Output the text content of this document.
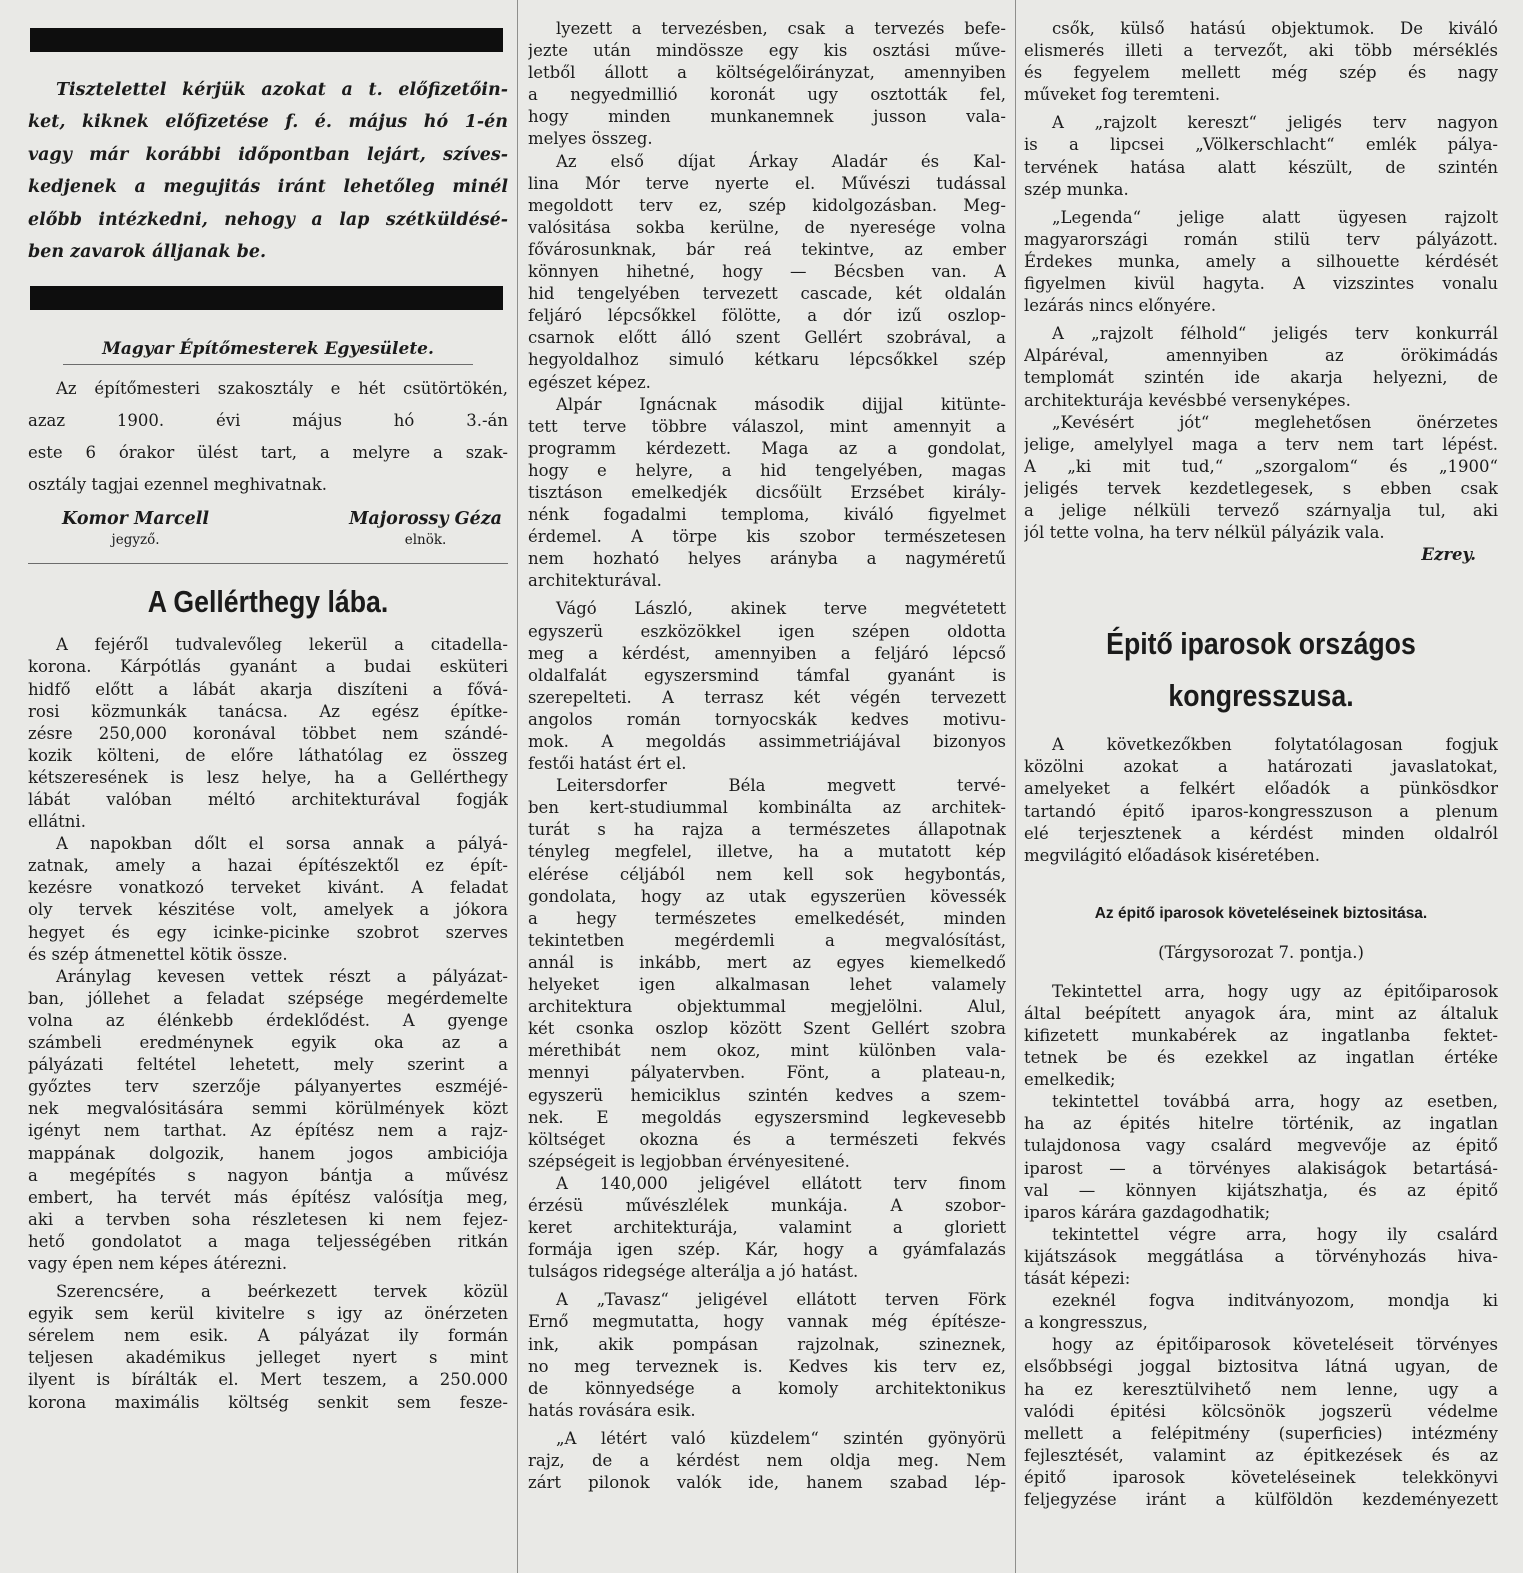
Tisztelettel kérjük azokat a t. előfizetőin-
ket, kiknek előfizetése f. é. május hó 1-én
vagy már korábbi időpontban lejárt, szíves-
kedjenek a megujitás iránt lehetőleg minél
előbb intézkedni, nehogy a lap szétküldésé-
ben zavarok álljanak be.
Magyar Építőmesterek Egyesülete.
Az építőmesteri szakosztály e hét csütörtökén,
azaz 1900. évi május hó 3.-án
este 6 órakor ülést tart, a melyre a szak-
osztály tagjai ezennel meghivatnak.
Komor Marcell
jegyző.
Majorossy Géza
elnök.
A Gellérthegy lába.
A fejéről tudvalevőleg lekerül a citadella-
korona. Kárpótlás gyanánt a budai esküteri
hidfő előtt a lábát akarja diszíteni a fővá-
rosi közmunkák tanácsa. Az egész építke-
zésre 250,000 koronával többet nem szándé-
kozik költeni, de előre láthatólag ez összeg
kétszeresének is lesz helye, ha a Gellérthegy
lábát valóban méltó architekturával fogják
ellátni.
A napokban dőlt el sorsa annak a pályá-
zatnak, amely a hazai építészektől ez épít-
kezésre vonatkozó terveket kivánt. A feladat
oly tervek készitése volt, amelyek a jókora
hegyet és egy icinke-picinke szobrot szerves
és szép átmenettel kötik össze.
Aránylag kevesen vettek részt a pályázat-
ban, jóllehet a feladat szépsége megérdemelte
volna az élénkebb érdeklődést. A gyenge
számbeli eredménynek egyik oka az a
pályázati feltétel lehetett, mely szerint a
győztes terv szerzője pályanyertes eszméjé-
nek megvalósitására semmi körülmények közt
igényt nem tarthat. Az építész nem a rajz-
mappának dolgozik, hanem jogos ambiciója
a megépítés s nagyon bántja a művész
embert, ha tervét más építész valósítja meg,
aki a tervben soha részletesen ki nem fejez-
hető gondolatot a maga teljességében ritkán
vagy épen nem képes átérezni.
Szerencsére, a beérkezett tervek közül
egyik sem kerül kivitelre s igy az önérzeten
sérelem nem esik. A pályázat ily formán
teljesen akadémikus jelleget nyert s mint
ilyent is bírálták el. Mert teszem, a 250.000
korona maximális költség senkit sem fesze-
lyezett a tervezésben, csak a tervezés befe-
jezte után mindössze egy kis osztási műve-
letből állott a költségelőirányzat, amennyiben
a negyedmillió koronát ugy osztották fel,
hogy minden munkanemnek jusson vala-
melyes összeg.
Az első díjat Árkay Aladár és Kal-
lina Mór terve nyerte el. Művészi tudással
megoldott terv ez, szép kidolgozásban. Meg-
valósitása sokba kerülne, de nyeresége volna
fővárosunknak, bár reá tekintve, az ember
könnyen hihetné, hogy — Bécsben van. A
hid tengelyében tervezett cascade, két oldalán
feljáró lépcsőkkel fölötte, a dór izű oszlop-
csarnok előtt álló szent Gellért szobrával, a
hegyoldalhoz simuló kétkaru lépcsőkkel szép
egészet képez.
Alpár Ignácnak második dijjal kitünte-
tett terve többre válaszol, mint amennyit a
programm kérdezett. Maga az a gondolat,
hogy e helyre, a hid tengelyében, magas
tisztáson emelkedjék dicsőült Erzsébet király-
nénk fogadalmi temploma, kiváló figyelmet
érdemel. A törpe kis szobor természetesen
nem hozható helyes arányba a nagyméretű
architekturával.
Vágó László, akinek terve megvétetett
egyszerü eszközökkel igen szépen oldotta
meg a kérdést, amennyiben a feljáró lépcső
oldalfalát egyszersmind támfal gyanánt is
szerepelteti. A terrasz két végén tervezett
angolos román tornyocskák kedves motivu-
mok. A megoldás assimmetriájával bizonyos
festői hatást ért el.
Leitersdorfer Béla megvett tervé-
ben kert-studiummal kombinálta az architek-
turát s ha rajza a természetes állapotnak
tényleg megfelel, illetve, ha a mutatott kép
elérése céljából nem kell sok hegybontás,
gondolata, hogy az utak egyszerüen kövessék
a hegy természetes emelkedését, minden
tekintetben megérdemli a megvalósítást,
annál is inkább, mert az egyes kiemelkedő
helyeket igen alkalmasan lehet valamely
architektura objektummal megjelölni. Alul,
két csonka oszlop között Szent Gellért szobra
mérethibát nem okoz, mint különben vala-
mennyi pályatervben. Fönt, a plateau-n,
egyszerü hemiciklus szintén kedves a szem-
nek. E megoldás egyszersmind legkevesebb
költséget okozna és a természeti fekvés
szépségeit is legjobban érvényesitené.
A 140,000 jeligével ellátott terv finom
érzésü művészlélek munkája. A szobor-
keret architekturája, valamint a gloriett
formája igen szép. Kár, hogy a gyámfalazás
tulságos ridegsége alterálja a jó hatást.
A „Tavasz“ jeligével ellátott terven Förk
Ernő megmutatta, hogy vannak még építésze-
ink, akik pompásan rajzolnak, szineznek,
no meg terveznek is. Kedves kis terv ez,
de könnyedsége a komoly architektonikus
hatás rovására esik.
„A létért való küzdelem“ szintén gyönyörü
rajz, de a kérdést nem oldja meg. Nem
zárt pilonok valók ide, hanem szabad lép-
csők, külső hatású objektumok. De kiváló
elismerés illeti a tervezőt, aki több mérséklés
és fegyelem mellett még szép és nagy
műveket fog teremteni.
A „rajzolt kereszt“ jeligés terv nagyon
is a lipcsei „Völkerschlacht“ emlék pálya-
tervének hatása alatt készült, de szintén
szép munka.
„Legenda“ jelige alatt ügyesen rajzolt
magyarországi román stilü terv pályázott.
Érdekes munka, amely a silhouette kérdését
figyelmen kivül hagyta. A vizszintes vonalu
lezárás nincs előnyére.
A „rajzolt félhold“ jeligés terv konkurrál
Alpáréval, amennyiben az örökimádás
templomát szintén ide akarja helyezni, de
architekturája kevésbbé versenyképes.
„Kevésért jót“ meglehetősen önérzetes
jelige, amelylyel maga a terv nem tart lépést.
A „ki mit tud,“ „szorgalom“ és „1900“
jeligés tervek kezdetlegesek, s ebben csak
a jelige nélküli tervező szárnyalja tul, aki
jól tette volna, ha terv nélkül pályázik vala.
Ezrey.
Épitő iparosok országos
kongresszusa.
A következőkben folytatólagosan fogjuk
közölni azokat a határozati javaslatokat,
amelyeket a felkért előadók a pünkösdkor
tartandó épitő iparos-kongresszuson a plenum
elé terjesztenek a kérdést minden oldalról
megvilágitó előadások kiséretében.
Az épitő iparosok követeléseinek biztositása.
(Tárgysorozat 7. pontja.)
Tekintettel arra, hogy ugy az épitőiparosok
által beépített anyagok ára, mint az általuk
kifizetett munkabérek az ingatlanba fektet-
tetnek be és ezekkel az ingatlan értéke
emelkedik;
tekintettel továbbá arra, hogy az esetben,
ha az épités hitelre történik, az ingatlan
tulajdonosa vagy csalárd megvevője az épitő
iparost — a törvényes alakiságok betartásá-
val — könnyen kijátszhatja, és az épitő
iparos kárára gazdagodhatik;
tekintettel végre arra, hogy ily csalárd
kijátszások meggátlása a törvényhozás hiva-
tását képezi:
ezeknél fogva inditványozom, mondja ki
a kongresszus,
hogy az épitőiparosok követeléseit törvényes
elsőbbségi joggal biztositva látná ugyan, de
ha ez keresztülvihető nem lenne, ugy a
valódi épitési kölcsönök jogszerü védelme
mellett a felépitmény (superficies) intézmény
fejlesztését, valamint az épitkezések és az
épitő iparosok követeléseinek telekkönyvi
feljegyzése iránt a külföldön kezdeményezett
